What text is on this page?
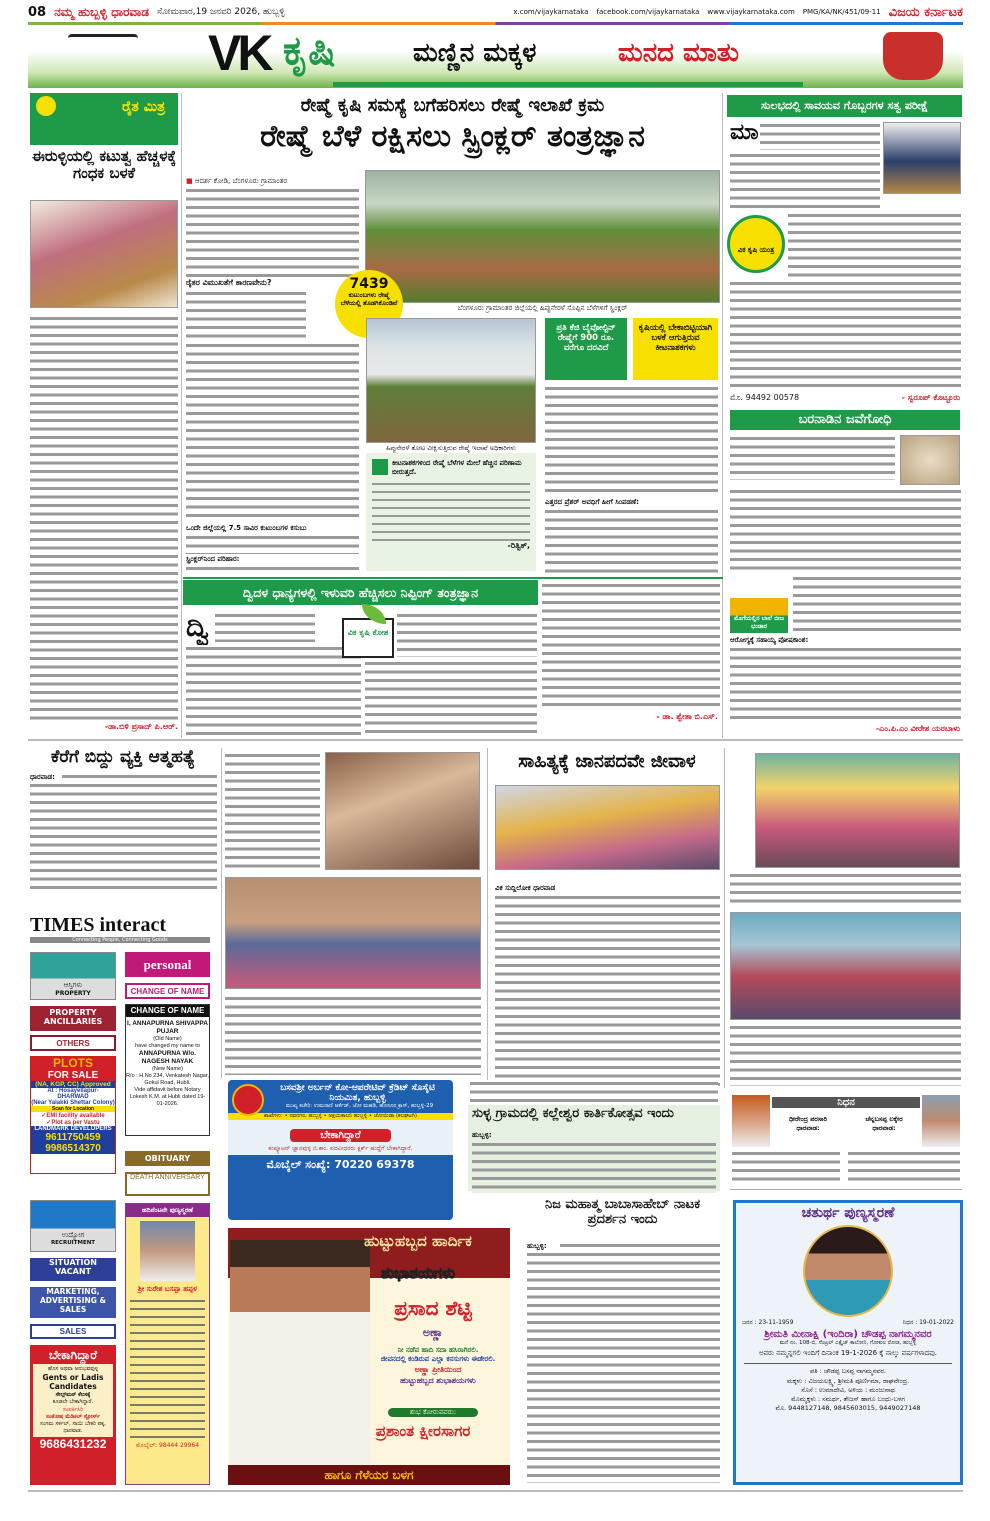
08 ನಮ್ಮ ಹುಬ್ಬಳ್ಳಿ ಧಾರವಾಡ ಸೋಮವಾರ,19 ಜನವರಿ 2026, ಹುಬ್ಬಳ್ಳಿ	x.com/vijaykarnataka facebook.com/vijaykarnataka www.vijaykarnataka.com PMG/KA/NK/451/09-11 ವಿಜಯ ಕರ್ನಾಟಕ
VK ಕೃಷಿ	ಮಣ್ಣಿನ ಮಕ್ಕಳ	ಮನದ ಮಾತು
ರೈತ ಮಿತ್ರ
ಈರುಳ್ಳಿಯಲ್ಲಿ ಕಟುತ್ವ ಹೆಚ್ಚಳಕ್ಕೆ ಗಂಧಕ ಬಳಕೆ
-ಡಾ.ಬಿಳಿ ಪ್ರಸಾದ್ ಪಿ.ಆರ್.
ರೇಷ್ಮೆ ಕೃಷಿ ಸಮಸ್ಯೆ ಬಗೆಹರಿಸಲು ರೇಷ್ಮೆ ಇಲಾಖೆ ಕ್ರಮ
ರೇಷ್ಮೆ ಬೆಳೆ ರಕ್ಷಿಸಲು ಸ್ಪ್ರಿಂಕ್ಲರ್ ತಂತ್ರಜ್ಞಾನ
■ ಆದರ್ಶ ಕೋಡಿ, ಬೆಂಗಳೂರು ಗ್ರಾಮಾಂತರ
ರೈತರ ವಿಮುಖತೆಗೆ ಕಾರಣವೇನು?
ಒಂದೇ ಜಿಲ್ಲೆಯಲ್ಲಿ 7.5 ಸಾವಿರ ಕುಟುಂಬಗಳ ಕಸುಬು
ಸ್ಪ್ರಿಂಕ್ಲರ್‌ನಿಂದ ಪರಿಹಾರ:
ಬೆಂಗಳೂರು ಗ್ರಾಮಾಂತರ ಜಿಲ್ಲೆಯಲ್ಲಿ ಹಿಪ್ಪುನೇರಳೆ ಸೊಪ್ಪಿನ ಬೆಳೆಗಳಿಗೆ ಸ್ಪ್ರಿಂಕ್ಲರ್
7439
ಕುಟುಂಬಗಳು ರೇಷ್ಮೆ ಬೆಳೆಯಲ್ಲಿ ತೊಡಗಿಕೊಂಡಿವೆ
ಹಿಪ್ಪುನೇರಳೆ ತೋಟ ವೀಕ್ಷಿಸುತ್ತಿರುವ ರೇಷ್ಮೆ ಇಲಾಖೆ ಅಧಿಕಾರಿಗಳು
ಪ್ರತಿ ಕೆಜಿ ಬೈವೋಲ್ಟಿನ್ ರೇಷ್ಮೆಗೆ 900 ರೂ. ವರೆಗೂ ದರವಿದೆ
ಕೃಷಿಯಲ್ಲಿ ಬೇಕಾಬಿಟ್ಟಿಯಾಗಿ ಬಳಕೆ ಆಗುತ್ತಿರುವ ಕೀಟನಾಶಕಗಳು
ಎತ್ತರದ ಪ್ರೆಶರ್ ಅವಧಿಗೆ ಹೀಗೆ ಸಿಂಪಡಣೆ:
ಕೀಟನಾಶಕಗಳಿಂದ ರೇಷ್ಮೆ ಬೆಳೆಗಳ ಮೇಲೆ ಹೆಚ್ಚಿನ ಪರಿಣಾಮ ಬೀರುತ್ತದೆ.
-ರಿತ್ವಿಕ್,
ಸುಲಭದಲ್ಲಿ ಸಾವಯವ ಗೊಬ್ಬರಗಳ ಸತ್ವ ಪರೀಕ್ಷೆ
ಮಾ
ವಿಕ ಕೃಷಿ ಯಂತ್ರ
ಮೊ. 94492 00578	- ಸ್ವರೂಪ್ ಕೊಟ್ಟೂರು
ಬರನಾಡಿನ ಜವೆಗೋಧಿ
ಮೊಗೆಯಲ್ಲಿನ ಬಾಲೆ ಬೀಜ ಭಂಡಾರ
ಆರೋಗ್ಯಕ್ಕೆ ಸಹಾಯ್ಯ ಪೋಷಕಾಂಶ:
-ಎಂ.ಪಿ.ಎಂ ವೀರೇಶ ಯರಬಾಳು
ದ್ವಿದಳ ಧಾನ್ಯಗಳಲ್ಲಿ ಇಳುವರಿ ಹೆಚ್ಚಿಸಲು ನಿಪ್ಪಿಂಗ್ ತಂತ್ರಜ್ಞಾನ
ದ್ವಿ	ವಿಕ ಕೃಷಿ ಕೋಶ
- ಡಾ. ಶ್ವೇತಾ ಬಿ.ಎಸ್.
ಕೆರೆಗೆ ಬಿದ್ದು ವ್ಯಕ್ತಿ ಆತ್ಮಹತ್ಯೆ
ಧಾರವಾಡ:
ಸಾಹಿತ್ಯಕ್ಕೆ ಜಾನಪದವೇ ಜೀವಾಳ
ವಿಕ ಸುದ್ದಿಲೋಕ ಧಾರವಾಡ
TIMES interact
Connecting People, Connecting Goods
ಆಸ್ತಿಗಳು
PROPERTY
personal
CHANGE OF NAME
PROPERTY ANCILLARIES
OTHERS
PLOTS
FOR SALE
(NA, KGP, CC) Approved
At : Hosayellapur- DHARWAD
(Near Yalakki Shettar Colony)
Scan for Location
✓EMI facility available
✓Plot as per Vastu
LANDMARK DEVELOPERS
9611750459
9986514370
CHANGE OF NAME
I, ANNAPURNA SHIVAPPA PUJAR
(Old Name)
have changed my name to
ANNAPURNA W/o. NAGESH NAYAK
(New Name)
R/o : H.No 234, Venkatesh Nagar, Gokul Road, Hubli.
Vide affidavit before Notary Lokesh K.M. at Hubli dated 19-01-2026.
OBITUARY
DEATH ANNIVERSARY
ಉದ್ಯೋಗ
RECRUITMENT
SITUATION VACANT
MARKETING, ADVERTISING & SALES
SALES
ಬೇಕಾಗಿದ್ದಾರೆ
ಹೊಸ ಅಥವಾ ಅನುಭವವುಳ್ಳ
Gents or Ladis Candidates
ಸೇಲ್ಸ್‌ಮನ್ ಕೆಲಸಕ್ಕೆ
ಕೂಡಲೇ ಬೇಕಾಗಿದ್ದಾರೆ.
ಸಂಪರ್ಕಿಸಿರಿ
ಸಂತೋಷ ಮೆಡಿಕಲ್ ಸ್ಟೋರ್ಸ್
ಸಂಗಮ ಸರ್ಕಲ್, ಸಾಯಿ ಬೇಕರಿ ಪಕ್ಕ, ಧಾರವಾಡ.
9686431232
ಹದಿನೆಂಟನೇ ಪುಣ್ಯಸ್ಮರಣೆ
ಶ್ರೀ ಸುರೇಶ ಬಸಪ್ಪಾ ಹಪ್ಪಳ
ಮೊಬೈಲ್: 98444 29964
ಬಸವಶ್ರೀ ಅರ್ಬನ್ ಕೋ-ಆಪರೇಟಿವ್ ಕ್ರೆಡಿಟ್ ಸೊಸೈಟಿ ನಿಯಮಿತ, ಹುಬ್ಬಳ್ಳಿ
ಮುಖ್ಯ ಕಚೇರಿ: ಉಮರಾಣಿ ಆರ್ಕೆಡ್, ಜೋ ಮಹಡಿ, ಹೊಸೂರ ಕ್ರಾಸ್, ಹುಬ್ಬಳ್ಳಿ-29
ಶಾಖೆಗಳು: • ನವನಗರ, ಹುಬ್ಬಳ್ಳಿ • ಅಕ್ಷಯಕಾಲನಿ ಹುಬ್ಬಳ್ಳಿ • ಜೋಯಿಡಾ (ಕಲಘಟಗಿ)
ಬೇಕಾಗಿದ್ದಾರೆ
ಕಂಪ್ಯೂಟರ್ ಜ್ಞಾನವುಳ್ಳ ಬಿ.ಕಾಂ. ಪದವೀಧರರು ಕ್ಲರ್ಕ್ ಹುದ್ದೆಗೆ ಬೇಕಾಗಿದ್ದಾರೆ.
ಮೊಬೈಲ್ ಸಂಖ್ಯೆ: 70220 69378
ಸುಳ್ಳ ಗ್ರಾಮದಲ್ಲಿ ಕಲ್ಲೇಶ್ವರ ಕಾರ್ತಿಕೋತ್ಸವ ಇಂದು
ಹುಬ್ಬಳ್ಳಿ:
ನಿಧನ
ಧೀರೇಂದ್ರ ಪರಸಾರಿ
ಧಾರವಾಡ:
ಚೆನ್ನಬಸಪ್ಪ ಲಕ್ಕೇರ
ಧಾರವಾಡ:
ಹುಟ್ಟುಹಬ್ಬದ ಹಾರ್ದಿಕ
ಶುಭಾಶಯಗಳು
ಪ್ರಸಾದ ಶೆಟ್ಟಿ
ಅಣ್ಣಾ
ನೀ ನಡೆವ ಹಾದಿ ಸದಾ ಹಸಿರಾಗಿರಲಿ.
ಜೀವನದಲ್ಲಿ ಕಂಡಿರುವ ಎಲ್ಲಾ ಕನಸುಗಳು ಈಡೇರಲಿ.
ಅಣ್ಣಾ ಪ್ರೀತಿಯಿಂದ
ಹುಟ್ಟುಹಬ್ಬದ ಶುಭಾಶಯಗಳು
ಶುಭ ಕೋರುವವರು:
ಪ್ರಶಾಂತ ಕ್ಷೀರಸಾಗರ
ಹಾಗೂ ಗೆಳೆಯರ ಬಳಗ
ನಿಜ ಮಹಾತ್ಮ ಬಾಬಾಸಾಹೇಬ್ ನಾಟಕ ಪ್ರದರ್ಶನ ಇಂದು
ಹುಬ್ಬಳ್ಳಿ:
ಚತುರ್ಥ ಪುಣ್ಯಸ್ಮರಣೆ
ಜನನ : 23-11-1959	ನಿಧನ : 19-01-2022
ಶ್ರೀಮತಿ ಮೀನಾಕ್ಷಿ (ಇಂದಿರಾ) ಚೌಡಪ್ಪ ನಾಗಮ್ಮನವರ
ಮನೆ ನಂ. 108-ಬಿ, ಸೆಂಟ್ರಲ್ ಎಕ್ಸೈಜ್ ಕಾಲೋನಿ, ಗೋಕುಲ ರೋಡ, ಹುಬ್ಬಳ್ಳಿ
ಅವರು ನಮ್ಮನ್ನಗಲಿ ಇಂದಿಗೆ ದಿನಾಂಕ 19-1-2026 ಕ್ಕೆ ನಾಲ್ಕು ವರ್ಷಗಳಾದವು.
ಪತಿ : ಚೌಡಪ್ಪ ಬಸಪ್ಪ ನಾಗಮ್ಮನವರ.
ಮಕ್ಕಳು : ವಿಜಯಲಕ್ಷ್ಮಿ, ಶ್ರೀಮತಿ ಪೂರ್ಣಿಮಾ, ರಾಘವೇಂದ್ರ.
ಸೊಸೆ : ಉಮಾದೇವಿ, ಅಳಿಯ : ಮಂಜುನಾಥ
ಮೊಮ್ಮಕ್ಕಳು : ಸಮರ್ಥ, ತೇಜಸ್ ಹಾಗೂ ಬಂಧು-ಬಳಗ
ಮೊ. 9448127148, 9845603015, 9449027148
